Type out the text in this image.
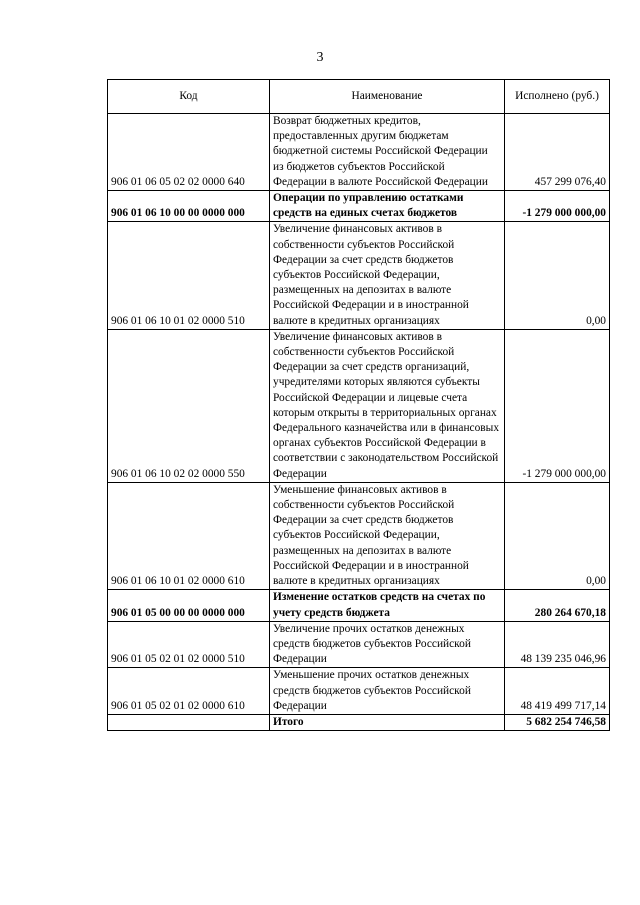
3
Код	Наименование	Исполнено (руб.)
906 01 06 05 02 02 0000 640	Возврат бюджетных кредитов, предоставленных другим бюджетам бюджетной системы Российской Федерации из бюджетов субъектов Российской Федерации в валюте Российской Федерации	457 299 076,40
906 01 06 10 00 00 0000 000	Операции по управлению остатками средств на единых счетах бюджетов	-1 279 000 000,00
906 01 06 10 01 02 0000 510	Увеличение финансовых активов в собственности субъектов Российской Федерации за счет средств бюджетов субъектов Российской Федерации, размещенных на депозитах в валюте Российской Федерации и в иностранной валюте в кредитных организациях	0,00
906 01 06 10 02 02 0000 550	Увеличение финансовых активов в собственности субъектов Российской Федерации за счет средств организаций, учредителями которых являются субъекты Российской Федерации и лицевые счета которым открыты в территориальных органах Федерального казначейства или в финансовых органах субъектов Российской Федерации в соответствии с законодательством Российской Федерации	-1 279 000 000,00
906 01 06 10 01 02 0000 610	Уменьшение финансовых активов в собственности субъектов Российской Федерации за счет средств бюджетов субъектов Российской Федерации, размещенных на депозитах в валюте Российской Федерации и в иностранной валюте в кредитных организациях	0,00
906 01 05 00 00 00 0000 000	Изменение остатков средств на счетах по учету средств бюджета	280 264 670,18
906 01 05 02 01 02 0000 510	Увеличение прочих остатков денежных средств бюджетов субъектов Российской Федерации	48 139 235 046,96
906 01 05 02 01 02 0000 610	Уменьшение прочих остатков денежных средств бюджетов субъектов Российской Федерации	48 419 499 717,14
	Итого	5 682 254 746,58
